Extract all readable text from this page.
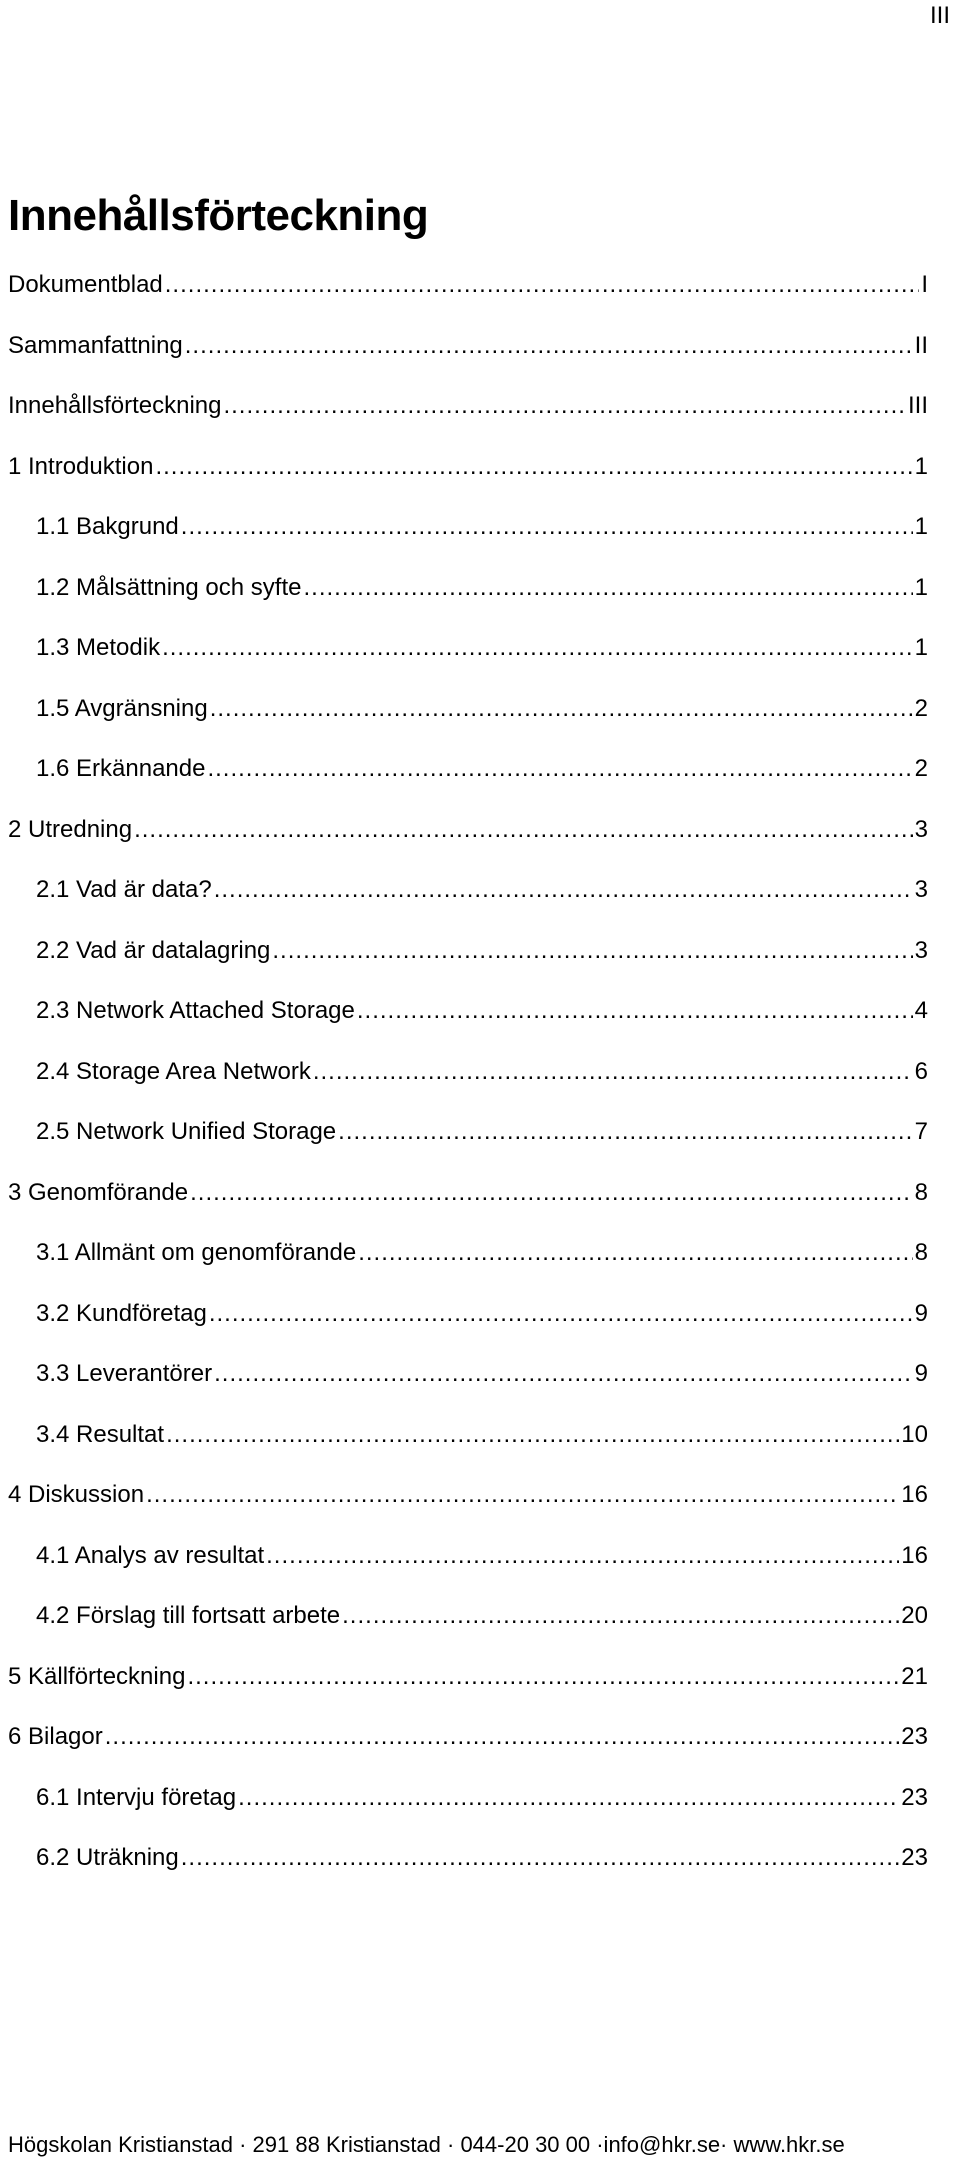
III
Innehållsförteckning
Dokumentblad .....	I
Sammanfattning .....	II
Innehållsförteckning .....	III
1 Introduktion .....	1
1.1 Bakgrund .....	1
1.2 Målsättning och syfte .....	1
1.3 Metodik .....	1
1.5 Avgränsning .....	2
1.6 Erkännande .....	2
2 Utredning .....	3
2.1 Vad är data? .....	3
2.2 Vad är datalagring .....	3
2.3 Network Attached Storage .....	4
2.4 Storage Area Network .....	6
2.5 Network Unified Storage .....	7
3 Genomförande .....	8
3.1 Allmänt om genomförande .....	8
3.2 Kundföretag .....	9
3.3 Leverantörer .....	9
3.4 Resultat .....	10
4 Diskussion .....	16
4.1 Analys av resultat .....	16
4.2 Förslag till fortsatt arbete .....	20
5 Källförteckning .....	21
6 Bilagor .....	23
6.1 Intervju företag .....	23
6.2 Uträkning .....	23
Högskolan Kristianstad · 291 88 Kristianstad · 044-20 30 00 ·info@hkr.se· www.hkr.se
